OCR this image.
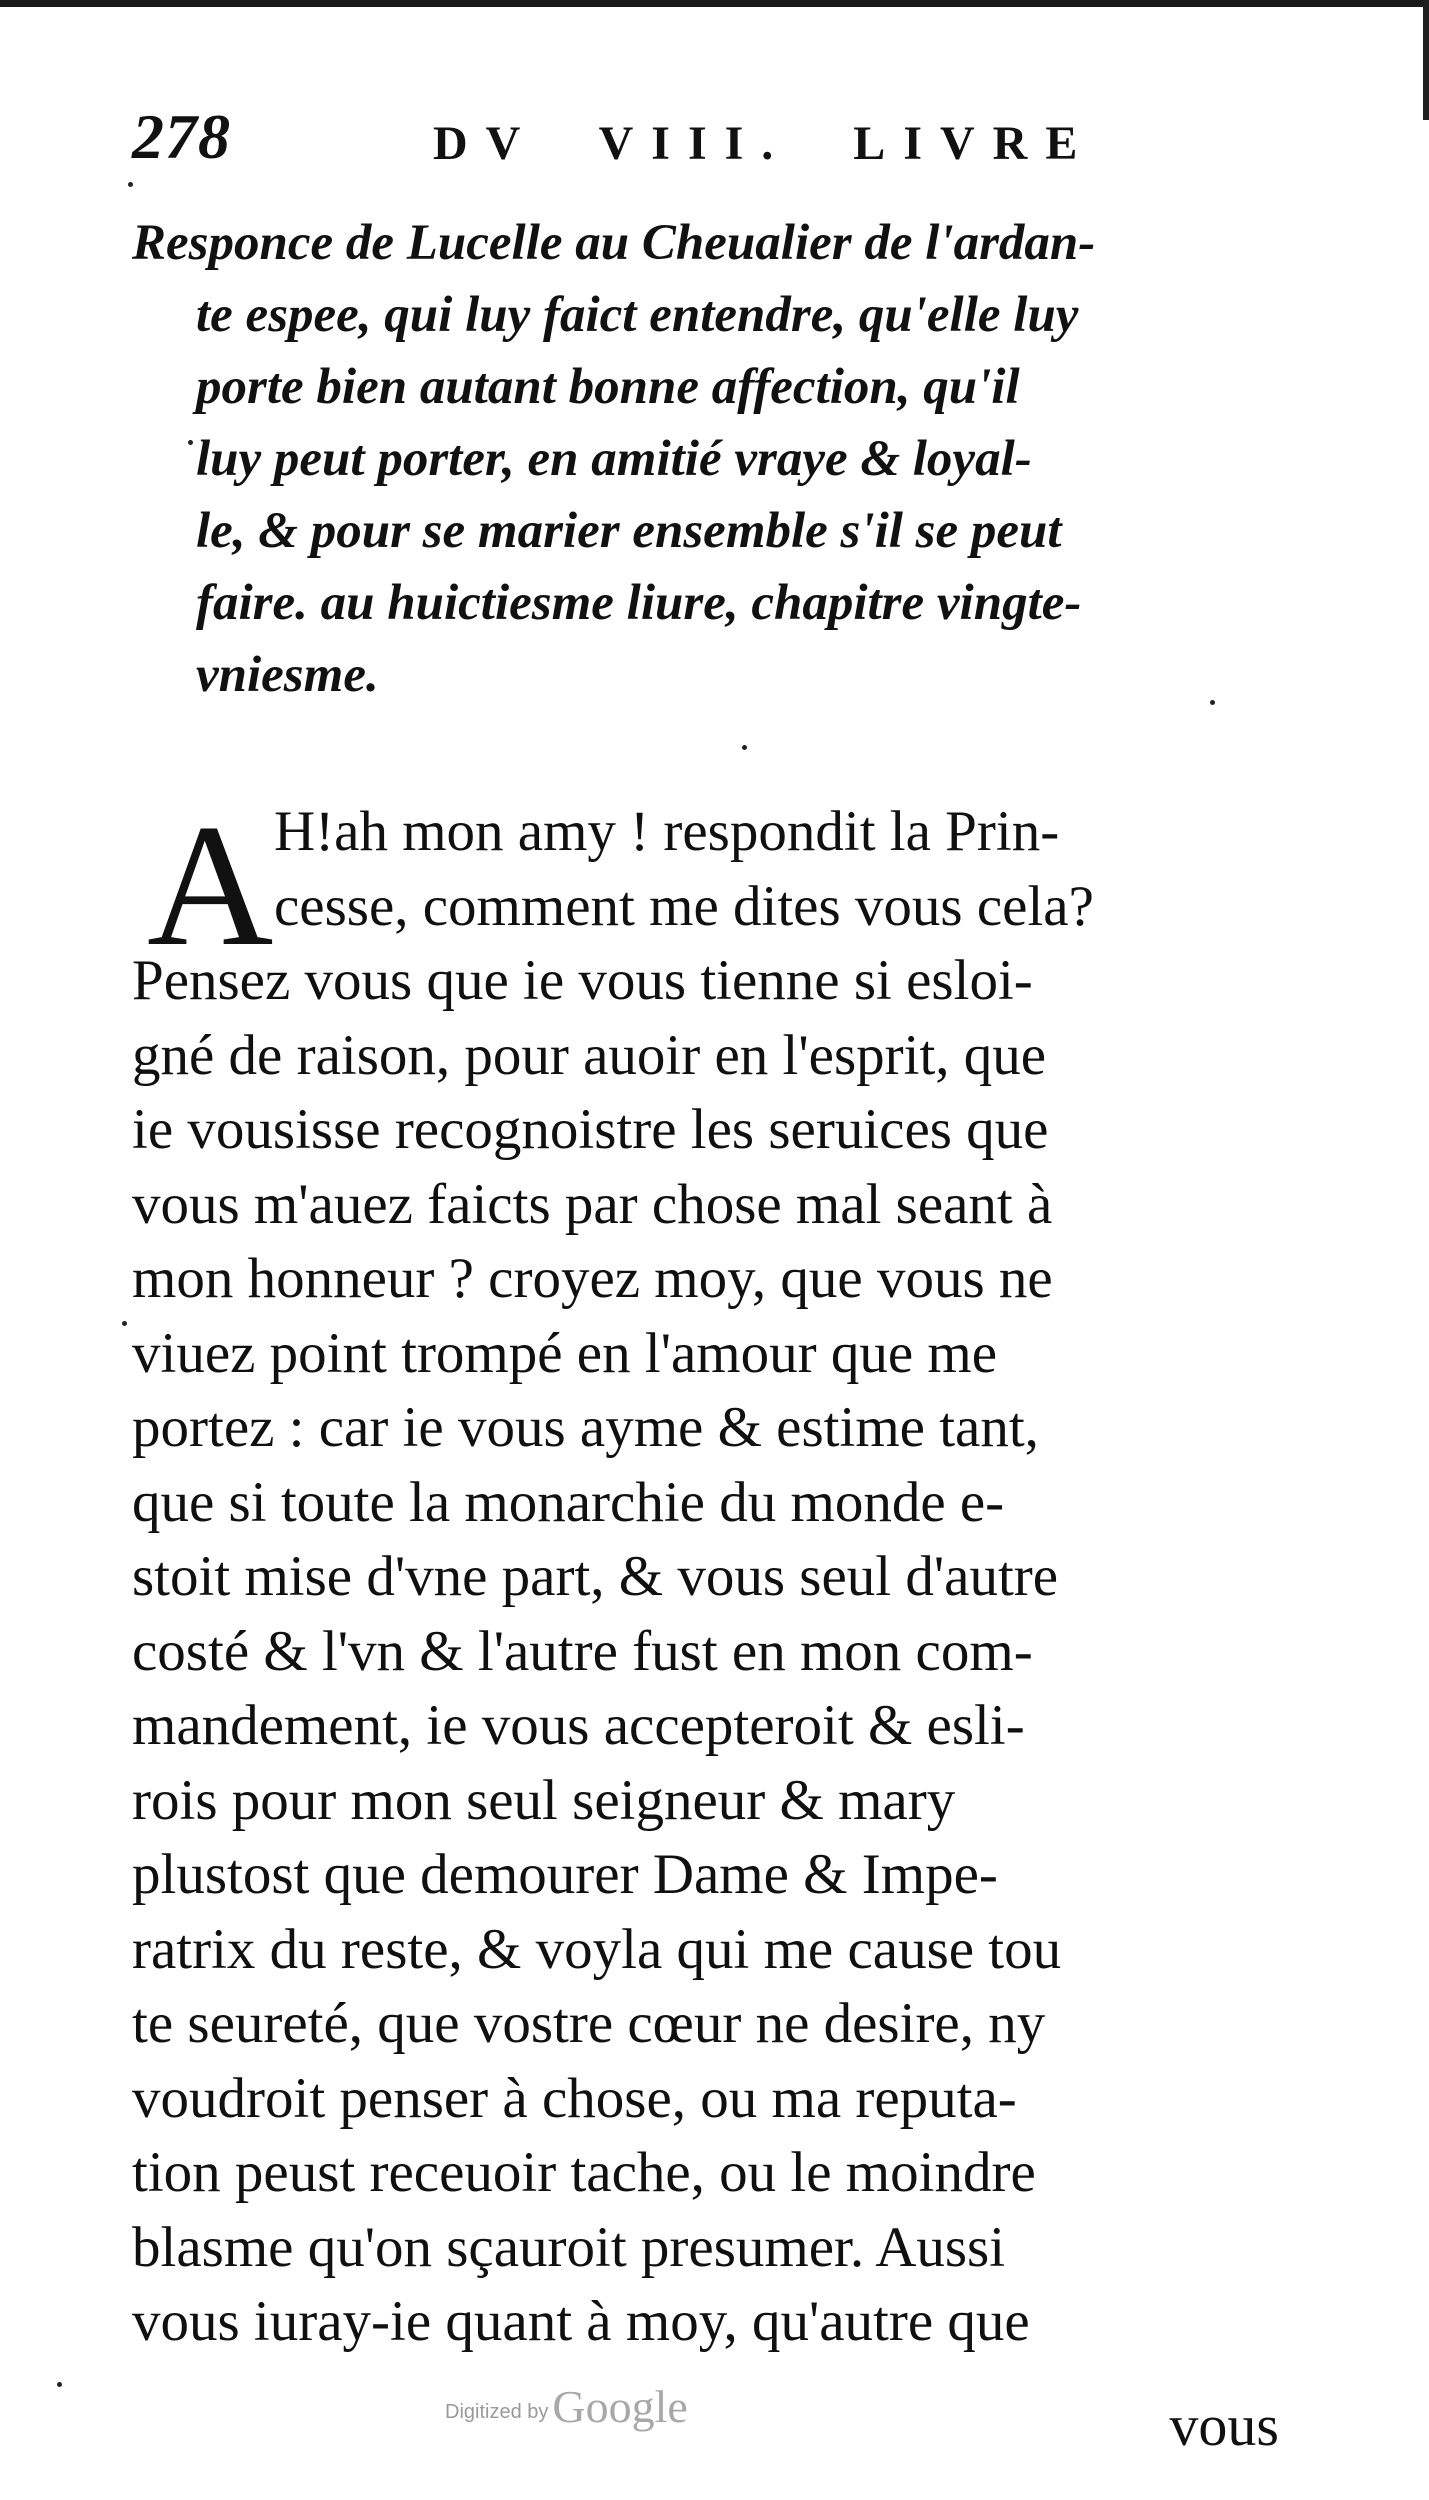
278	DV VIII. LIVRE
Responce de Lucelle au Cheualier de l'ardan-
te espee, qui luy faict entendre, qu'elle luy
porte bien autant bonne affection, qu'il
luy peut porter, en amitié vraye & loyal-
le, & pour se marier ensemble s'il se peut
faire. au huictiesme liure, chapitre vingte-
vniesme.
A H!ah mon amy ! respondit la Prin-
cesse, comment me dites vous cela?
Pensez vous que ie vous tienne si esloi-
gné de raison, pour auoir en l'esprit, que
ie vousisse recognoistre les seruices que
vous m'auez faicts par chose mal seant à
mon honneur ? croyez moy, que vous ne
viuez point trompé en l'amour que me
portez : car ie vous ayme & estime tant,
que si toute la monarchie du monde e-
stoit mise d'vne part, & vous seul d'autre
costé & l'vn & l'autre fust en mon com-
mandement, ie vous accepteroit & esli-
rois pour mon seul seigneur & mary
plustost que demourer Dame & Impe-
ratrix du reste, & voyla qui me cause tou
te seureté, que vostre cœur ne desire, ny
voudroit penser à chose, ou ma reputa-
tion peust receuoir tache, ou le moindre
blasme qu'on sçauroit presumer. Aussi
vous iuray-ie quant à moy, qu'autre que
Digitized by Google	vous
